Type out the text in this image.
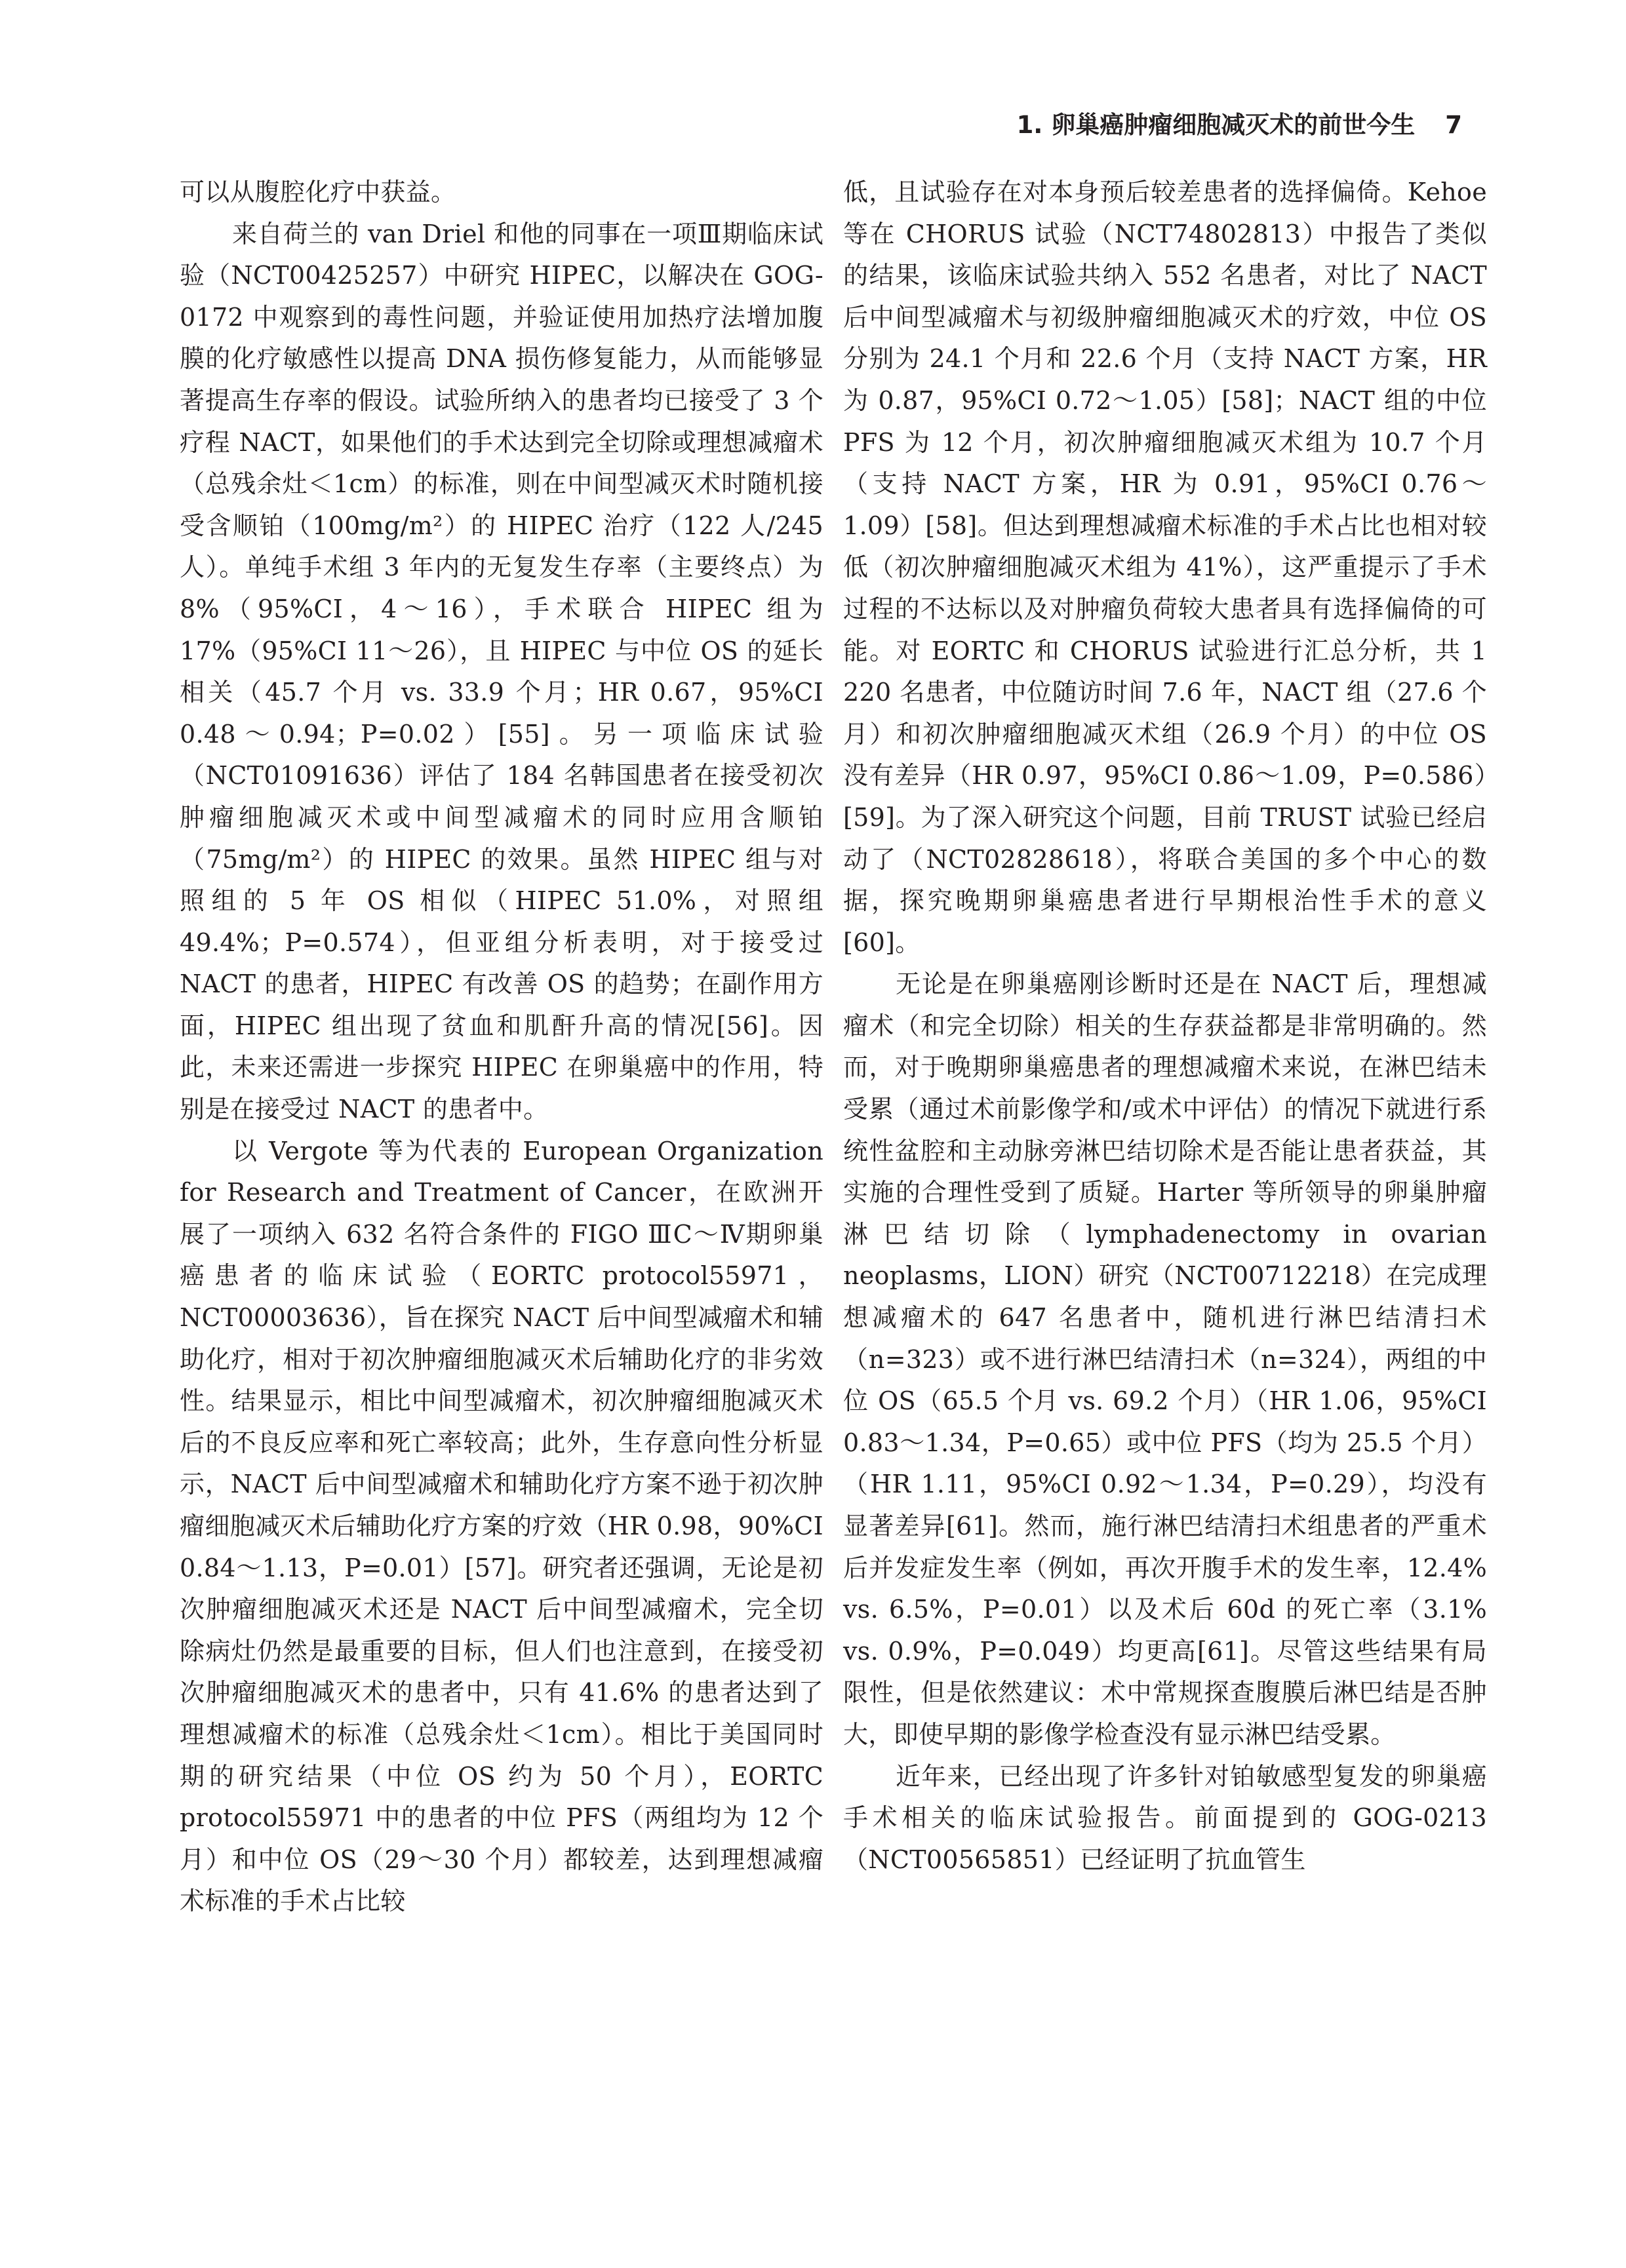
1. 卵巢癌肿瘤细胞减灭术的前世今生 7

可以从腹腔化疗中获益。

来自荷兰的 van Driel 和他的同事在一项Ⅲ期临床试验（NCT00425257）中研究 HIPEC，以解决在 GOG-0172 中观察到的毒性问题，并验证使用加热疗法增加腹膜的化疗敏感性以提高 DNA 损伤修复能力，从而能够显著提高生存率的假设。试验所纳入的患者均已接受了 3 个疗程 NACT，如果他们的手术达到完全切除或理想减瘤术（总残余灶＜1cm）的标准，则在中间型减灭术时随机接受含顺铂（100mg/m²）的 HIPEC 治疗（122 人/245 人）。单纯手术组 3 年内的无复发生存率（主要终点）为 8%（95%CI，4～16），手术联合 HIPEC 组为 17%（95%CI 11～26），且 HIPEC 与中位 OS 的延长相关（45.7 个月 vs. 33.9 个月；HR 0.67，95%CI 0.48～0.94；P=0.02）[55]。另一项临床试验（NCT01091636）评估了 184 名韩国患者在接受初次肿瘤细胞减灭术或中间型减瘤术的同时应用含顺铂（75mg/m²）的 HIPEC 的效果。虽然 HIPEC 组与对照组的 5 年 OS 相似（HIPEC 51.0%，对照组 49.4%；P=0.574），但亚组分析表明，对于接受过 NACT 的患者，HIPEC 有改善 OS 的趋势；在副作用方面，HIPEC 组出现了贫血和肌酐升高的情况[56]。因此，未来还需进一步探究 HIPEC 在卵巢癌中的作用，特别是在接受过 NACT 的患者中。

以 Vergote 等为代表的 European Organization for Research and Treatment of Cancer，在欧洲开展了一项纳入 632 名符合条件的 FIGO ⅢC～Ⅳ期卵巢癌患者的临床试验（EORTC protocol55971，NCT00003636），旨在探究 NACT 后中间型减瘤术和辅助化疗，相对于初次肿瘤细胞减灭术后辅助化疗的非劣效性。结果显示，相比中间型减瘤术，初次肿瘤细胞减灭术后的不良反应率和死亡率较高；此外，生存意向性分析显示，NACT 后中间型减瘤术和辅助化疗方案不逊于初次肿瘤细胞减灭术后辅助化疗方案的疗效（HR 0.98，90%CI 0.84～1.13，P=0.01）[57]。研究者还强调，无论是初次肿瘤细胞减灭术还是 NACT 后中间型减瘤术，完全切除病灶仍然是最重要的目标，但人们也注意到，在接受初次肿瘤细胞减灭术的患者中，只有 41.6% 的患者达到了理想减瘤术的标准（总残余灶＜1cm）。相比于美国同时期的研究结果（中位 OS 约为 50 个月），EORTC protocol55971 中的患者的中位 PFS（两组均为 12 个月）和中位 OS（29～30 个月）都较差，达到理想减瘤术标准的手术占比较

低，且试验存在对本身预后较差患者的选择偏倚。Kehoe 等在 CHORUS 试验（NCT74802813）中报告了类似的结果，该临床试验共纳入 552 名患者，对比了 NACT 后中间型减瘤术与初级肿瘤细胞减灭术的疗效，中位 OS 分别为 24.1 个月和 22.6 个月（支持 NACT 方案，HR 为 0.87，95%CI 0.72～1.05）[58]；NACT 组的中位 PFS 为 12 个月，初次肿瘤细胞减灭术组为 10.7 个月（支持 NACT 方案，HR 为 0.91，95%CI 0.76～1.09）[58]。但达到理想减瘤术标准的手术占比也相对较低（初次肿瘤细胞减灭术组为 41%），这严重提示了手术过程的不达标以及对肿瘤负荷较大患者具有选择偏倚的可能。对 EORTC 和 CHORUS 试验进行汇总分析，共 1 220 名患者，中位随访时间 7.6 年，NACT 组（27.6 个月）和初次肿瘤细胞减灭术组（26.9 个月）的中位 OS 没有差异（HR 0.97，95%CI 0.86～1.09，P=0.586）[59]。为了深入研究这个问题，目前 TRUST 试验已经启动了（NCT02828618），将联合美国的多个中心的数据，探究晚期卵巢癌患者进行早期根治性手术的意义[60]。

无论是在卵巢癌刚诊断时还是在 NACT 后，理想减瘤术（和完全切除）相关的生存获益都是非常明确的。然而，对于晚期卵巢癌患者的理想减瘤术来说，在淋巴结未受累（通过术前影像学和/或术中评估）的情况下就进行系统性盆腔和主动脉旁淋巴结切除术是否能让患者获益，其实施的合理性受到了质疑。Harter 等所领导的卵巢肿瘤淋巴结切除（lymphadenectomy in ovarian neoplasms，LION）研究（NCT00712218）在完成理想减瘤术的 647 名患者中，随机进行淋巴结清扫术（n=323）或不进行淋巴结清扫术（n=324），两组的中位 OS（65.5 个月 vs. 69.2 个月）（HR 1.06，95%CI 0.83～1.34，P=0.65）或中位 PFS（均为 25.5 个月）（HR 1.11，95%CI 0.92～1.34，P=0.29），均没有显著差异[61]。然而，施行淋巴结清扫术组患者的严重术后并发症发生率（例如，再次开腹手术的发生率，12.4% vs. 6.5%，P=0.01）以及术后 60d 的死亡率（3.1% vs. 0.9%，P=0.049）均更高[61]。尽管这些结果有局限性，但是依然建议：术中常规探查腹膜后淋巴结是否肿大，即使早期的影像学检查没有显示淋巴结受累。

近年来，已经出现了许多针对铂敏感型复发的卵巢癌手术相关的临床试验报告。前面提到的 GOG-0213（NCT00565851）已经证明了抗血管生
